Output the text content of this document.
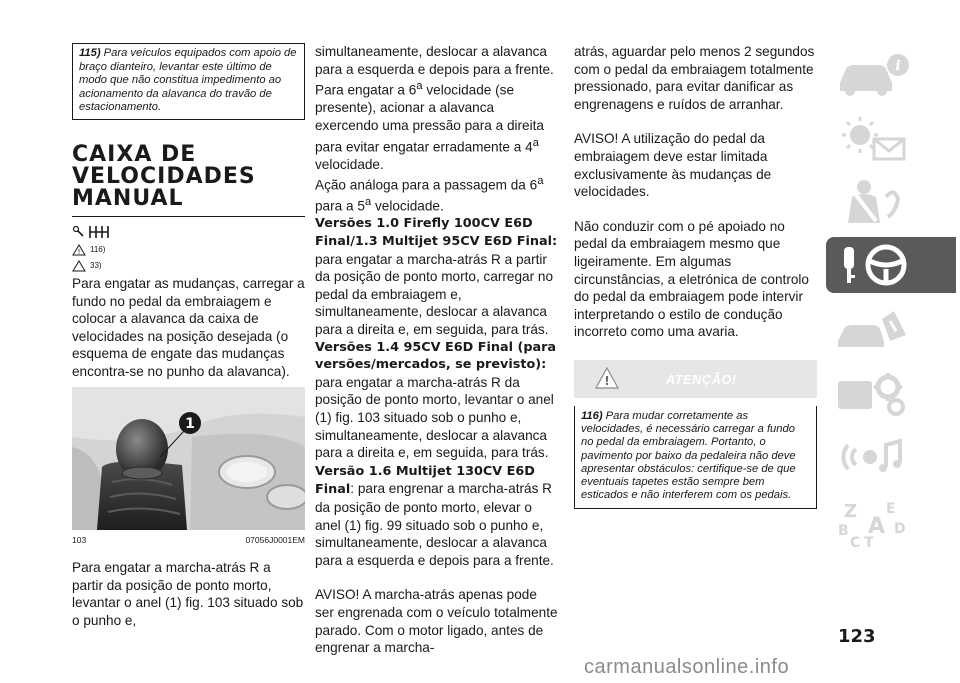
115) Para veículos equipados com apoio de braço dianteiro, levantar este último de modo que não constitua impedimento ao acionamento da alavanca do travão de estacionamento.
CAIXA DE VELOCIDADES MANUAL
! 116)
33)

Para engatar as mudanças, carregar a fundo no pedal da embraiagem e colocar a alavanca da caixa de velocidades na posição desejada (o esquema de engate das mudanças encontra-se no punho da alavanca).

1
103	07056J0001EM

Para engatar a marcha-atrás R a partir da posição de ponto morto, levantar o anel (1) fig. 103 situado sob o punho e,

simultaneamente, deslocar a alavanca para a esquerda e depois para a frente.

Para engatar a 6$^a$ velocidade (se presente), acionar a alavanca exercendo uma pressão para a direita para evitar engatar erradamente a 4$^a$ velocidade.

Ação análoga para a passagem da 6$^a$ para a 5$^a$ velocidade.

Versões 1.0 Firefly 100CV E6D Final/1.3 Multijet 95CV E6D Final:

para engatar a marcha-atrás R a partir da posição de ponto morto, carregar no pedal da embraiagem e, simultaneamente, deslocar a alavanca para a direita e, em seguida, para trás.

Versões 1.4 95CV E6D Final (para versões/mercados, se previsto):

para engatar a marcha-atrás R da posição de ponto morto, levantar o anel (1) fig. 103 situado sob o punho e, simultaneamente, deslocar a alavanca para a direita e, em seguida, para trás.

Versão 1.6 Multijet 130CV E6D Final: para engrenar a marcha-atrás R da posição de ponto morto, elevar o anel (1) fig. 99 situado sob o punho e, simultaneamente, deslocar a alavanca para a esquerda e depois para a frente.

AVISO! A marcha-atrás apenas pode ser engrenada com o veículo totalmente parado. Com o motor ligado, antes de engrenar a marcha-

atrás, aguardar pelo menos 2 segundos com o pedal da embraiagem totalmente pressionado, para evitar danificar as engrenagens e ruídos de arranhar.

AVISO! A utilização do pedal da embraiagem deve estar limitada exclusivamente às mudanças de velocidades.

Não conduzir com o pé apoiado no pedal da embraiagem mesmo que ligeiramente. Em algumas circunstâncias, a eletrónica de controlo do pedal da embraiagem pode intervir interpretando o estilo de condução incorreto como uma avaria.

!	ATENÇÃO!
116) Para mudar corretamente as velocidades, é necessário carregar a fundo no pedal da embraiagem. Portanto, o pavimento por baixo da pedaleira não deve apresentar obstáculos: certifique-se de que eventuais tapetes estão sempre bem esticados e não interferem com os pedais.
i
Z E
B A D
C T
123
carmanualsonline.info
